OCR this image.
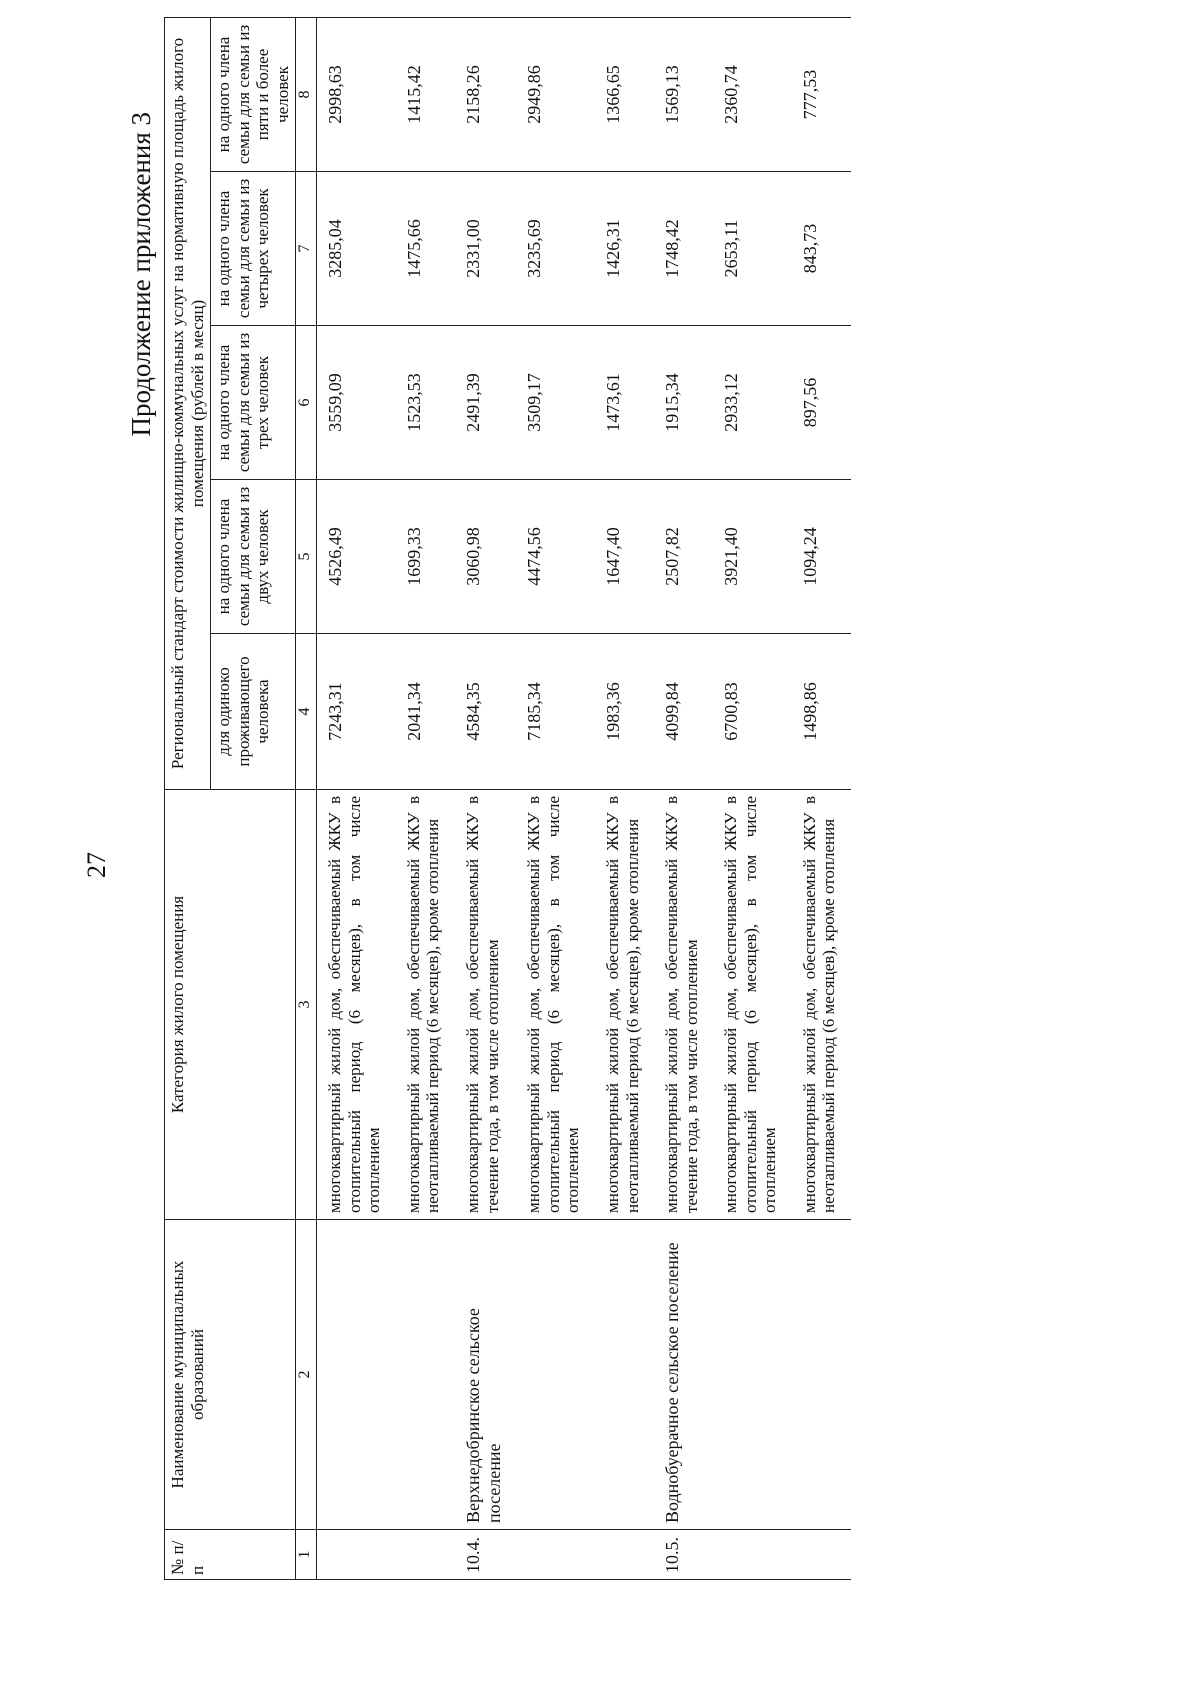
27
Продолжение приложения 3
№ п/п	Наименование муниципальных образований	Категория жилого помещения	Региональный стандарт стоимости жилищно-коммунальных услуг на нормативную площадь жилого помещения (рублей в месяц)				
			для одиноко проживающего человека	на одного члена семьи для семьи из двух человек	на одного члена семьи для семьи из трех человек	на одного члена семьи для семьи из четырех человек	на одного члена семьи для семьи из пяти и более человек
1	2	3	4	5	6	7	8
		многоквартирный жилой дом, обеспечиваемый ЖКУ в отопительный период (6 месяцев), в том числе отоплением	7243,31	4526,49	3559,09	3285,04	2998,63
		многоквартирный жилой дом, обеспечиваемый ЖКУ в неотапливаемый период (6 месяцев), кроме отопления	2041,34	1699,33	1523,53	1475,66	1415,42
10.4.	Верхнедобринское сельское поселение	многоквартирный жилой дом, обеспечиваемый ЖКУ в течение года, в том числе отоплением	4584,35	3060,98	2491,39	2331,00	2158,26
		многоквартирный жилой дом, обеспечиваемый ЖКУ в отопительный период (6 месяцев), в том числе отоплением	7185,34	4474,56	3509,17	3235,69	2949,86
		многоквартирный жилой дом, обеспечиваемый ЖКУ в неотапливаемый период (6 месяцев), кроме отопления	1983,36	1647,40	1473,61	1426,31	1366,65
10.5.	Воднобуерачное сельское поселение	многоквартирный жилой дом, обеспечиваемый ЖКУ в течение года, в том числе отоплением	4099,84	2507,82	1915,34	1748,42	1569,13
		многоквартирный жилой дом, обеспечиваемый ЖКУ в отопительный период (6 месяцев), в том числе отоплением	6700,83	3921,40	2933,12	2653,11	2360,74
		многоквартирный жилой дом, обеспечиваемый ЖКУ в неотапливаемый период (6 месяцев), кроме отопления	1498,86	1094,24	897,56	843,73	777,53
